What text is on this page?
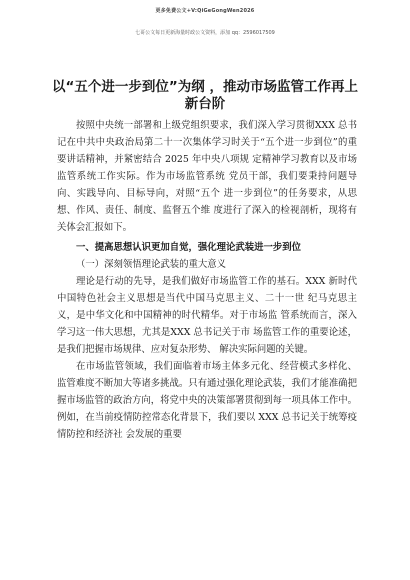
更多免费公文+V:QiGeGongWen2026
七哥公文每日更新海量时政公文资料，添加 qq：2596017509
以“五个进一步到位”为纲 ，推动市场监管工作再上新台阶

按照中央统一部署和上级党组织要求，我们深入学习贯彻XXX 总书记在中共中央政治局第二十一次集体学习时关于“五个进一步到位”的重要讲话精神，并紧密结合 2025 年中央八项规 定精神学习教育以及市场监管系统工作实际。作为市场监管系统 党员干部，我们要秉持问题导向、实践导向、目标导向，对照“五个 进一步到位”的任务要求，从思想、作风、责任、制度、监督五个维 度进行了深入的检视剖析，现将有关体会汇报如下。

一、提高思想认识更加自觉，强化理论武装进一步到位

（一）深刻领悟理论武装的重大意义

理论是行动的先导，是我们做好市场监管工作的基石。XXX 新时代中国特色社会主义思想是当代中国马克思主义、二十一世 纪马克思主义，是中华文化和中国精神的时代精华。对于市场监 管系统而言，深入学习这一伟大思想，尤其是XXX 总书记关于市 场监管工作的重要论述，是我们把握市场规律、应对复杂形势、 解决实际问题的关键。

在市场监管领域，我们面临着市场主体多元化、经营模式多样化、监管难度不断加大等诸多挑战。只有通过强化理论武装，我们才能准确把握市场监管的政治方向，将党中央的决策部署贯彻到每一项具体工作中。例如，在当前疫情防控常态化背景下，我们要以 XXX 总书记关于统筹疫情防控和经济社 会发展的重要
